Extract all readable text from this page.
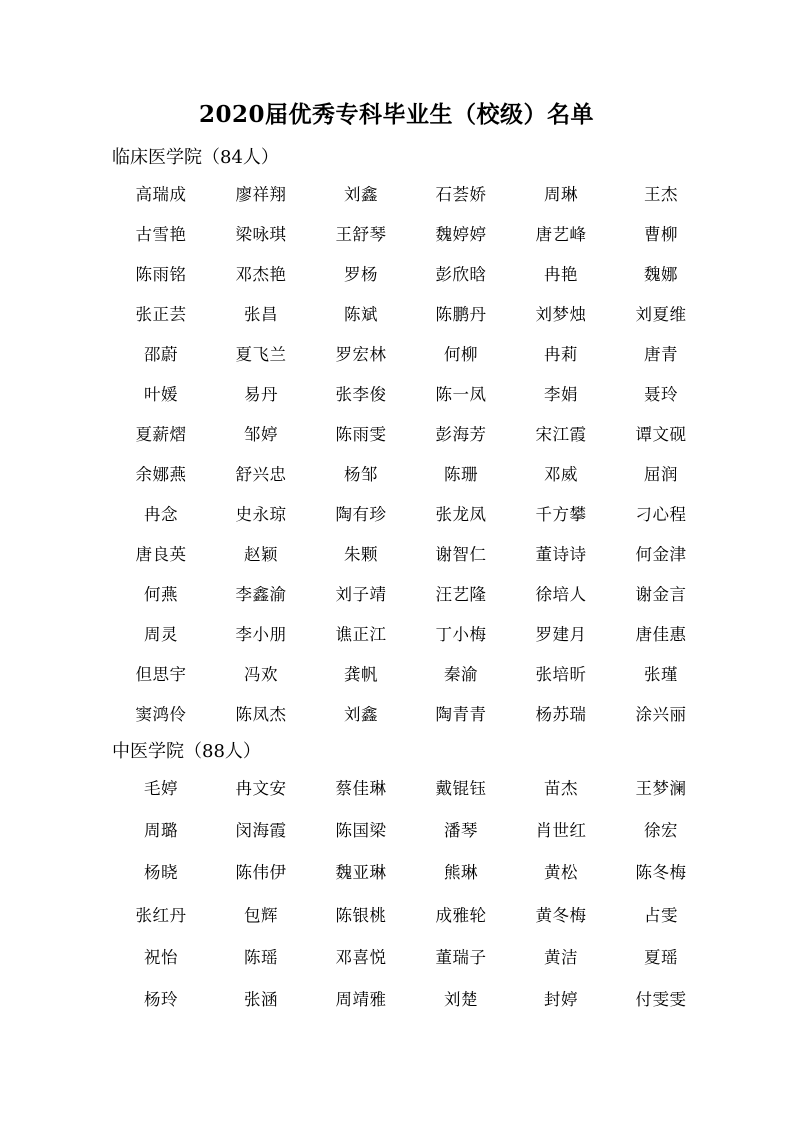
2020届优秀专科毕业生（校级）名单
临床医学院（84人）
高瑞成	廖祥翔	刘鑫	石荟娇	周琳	王杰
古雪艳	梁咏琪	王舒琴	魏婷婷	唐艺峰	曹柳
陈雨铭	邓杰艳	罗杨	彭欣晗	冉艳	魏娜
张正芸	张昌	陈斌	陈鹏丹	刘梦烛	刘夏维
邵蔚	夏飞兰	罗宏林	何柳	冉莉	唐青
叶媛	易丹	张李俊	陈一凤	李娟	聂玲
夏薪熠	邹婷	陈雨雯	彭海芳	宋江霞	谭文砚
余娜燕	舒兴忠	杨邹	陈珊	邓威	屈润
冉念	史永琼	陶有珍	张龙凤	千方攀	刁心程
唐良英	赵颖	朱颗	谢智仁	董诗诗	何金津
何燕	李鑫渝	刘子靖	汪艺隆	徐培人	谢金言
周灵	李小朋	谯正江	丁小梅	罗建月	唐佳惠
但思宇	冯欢	龚帆	秦渝	张培昕	张瑾
窦鸿伶	陈凤杰	刘鑫	陶青青	杨苏瑞	涂兴丽
中医学院（88人）
毛婷	冉文安	蔡佳琳	戴锟钰	苗杰	王梦澜
周璐	闵海霞	陈国梁	潘琴	肖世红	徐宏
杨晓	陈伟伊	魏亚琳	熊琳	黄松	陈冬梅
张红丹	包辉	陈银桃	成雅轮	黄冬梅	占雯
祝怡	陈瑶	邓喜悦	董瑞子	黄洁	夏瑶
杨玲	张涵	周靖雅	刘楚	封婷	付雯雯
